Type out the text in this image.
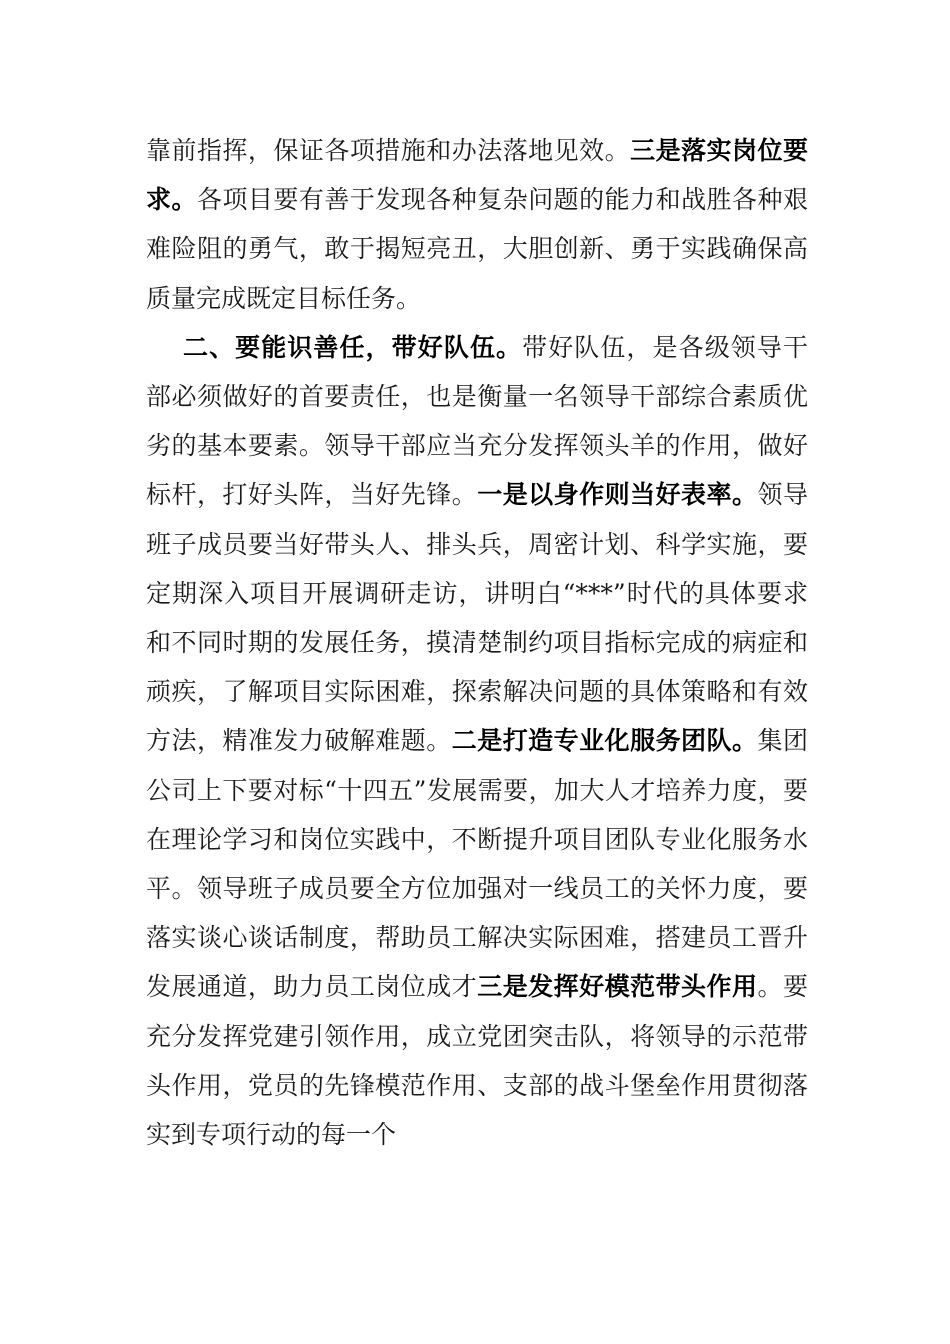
靠前指挥，保证各项措施和办法落地见效。三是落实岗位要求。各项目要有善于发现各种复杂问题的能力和战胜各种艰难险阻的勇气，敢于揭短亮丑，大胆创新、勇于实践确保高质量完成既定目标任务。

二、要能识善任，带好队伍。带好队伍，是各级领导干部必须做好的首要责任，也是衡量一名领导干部综合素质优劣的基本要素。领导干部应当充分发挥领头羊的作用，做好标杆，打好头阵，当好先锋。一是以身作则当好表率。领导班子成员要当好带头人、排头兵，周密计划、科学实施，要定期深入项目开展调研走访，讲明白“***”时代的具体要求和不同时期的发展任务，摸清楚制约项目指标完成的病症和顽疾，了解项目实际困难，探索解决问题的具体策略和有效方法，精准发力破解难题。二是打造专业化服务团队。集团公司上下要对标“十四五”发展需要，加大人才培养力度，要在理论学习和岗位实践中，不断提升项目团队专业化服务水平。领导班子成员要全方位加强对一线员工的关怀力度，要落实谈心谈话制度，帮助员工解决实际困难，搭建员工晋升发展通道，助力员工岗位成才三是发挥好模范带头作用。要充分发挥党建引领作用，成立党团突击队，将领导的示范带头作用，党员的先锋模范作用、支部的战斗堡垒作用贯彻落实到专项行动的每一个
